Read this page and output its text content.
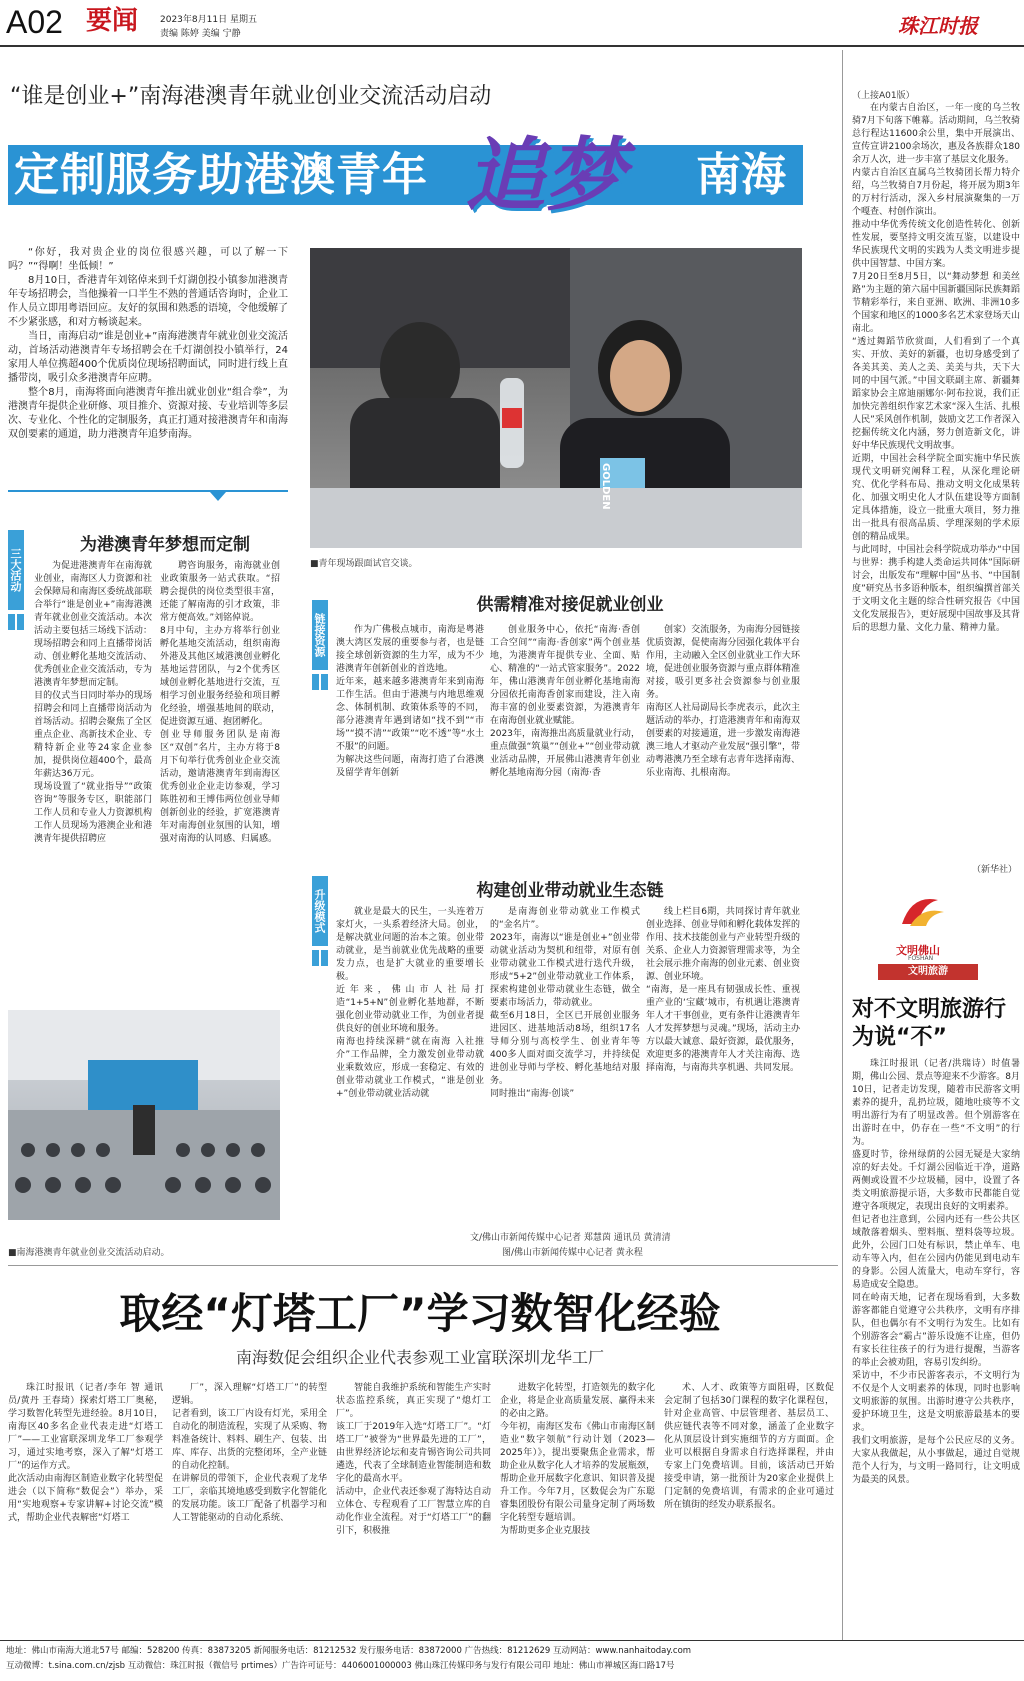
A02 要闻 2023年8月11日 星期五
责编 陈婷 美编 宁静	珠江时报
“谁是创业+”南海港澳青年就业创业交流活动启动
定制服务助港澳青年 追梦 南海

“你好，我对贵企业的岗位很感兴趣，可以了解一下吗？”“得啊！坐低倾！”

8月10日，香港青年刘铭倬来到千灯湖创投小镇参加港澳青年专场招聘会，当他操着一口半生不熟的普通话咨询时，企业工作人员立即用粤语回应。友好的氛围和熟悉的语境，令他缓解了不少紧张感，和对方畅谈起来。

当日，南海启动“谁是创业+”南海港澳青年就业创业交流活动，首场活动港澳青年专场招聘会在千灯湖创投小镇举行，24家用人单位携超400个优质岗位现场招聘面试，同时进行线上直播带岗，吸引众多港澳青年应聘。

整个8月，南海将面向港澳青年推出就业创业“组合拳”，为港澳青年提供企业研修、项目推介、资源对接、专业培训等多层次、专业化、个性化的定制服务，真正打通对接港澳青年和南海双创要素的通道，助力港澳青年追梦南海。

GOLDEN
■青年现场跟面试官交谈。
三大活动
为港澳青年梦想而定制
为促进港澳青年在南海就业创业，南海区人力资源和社会保障局和南海区委统战部联合举行“谁是创业+”南海港澳青年就业创业交流活动。本次活动主要包括三场线下活动：现场招聘会和同上直播带岗活动、创业孵化基地交流活动、优秀创业企业交流活动，专为港澳青年梦想而定制。
目的仪式当日同时举办的现场招聘会和同上直播带岗活动为首场活动。招聘会聚焦了全区重点企业、高新技术企业、专精特新企业等24家企业参加，提供岗位超400个，最高年薪达36万元。
现场设置了“就业指导”“政策咨询”等服务专区，职能部门工作人员和专业人力资源机构工作人员现场为港澳企业和港澳青年提供招聘应
聘咨询服务，南海就业创业政策服务一站式获取。“招聘会提供的岗位类型很丰富，还能了解南海的引才政策，非常方便高效。”刘铭倬说。
8月中旬，主办方将举行创业孵化基地交流活动，组织南海外港及其他区域港澳创业孵化基地运营团队，与2个优秀区域创业孵化基地进行交流，互相学习创业服务经验和项目孵化经验，增强基地间的联动，促进资源互通、抱团孵化。
创业导师服务团队是南海区“双创”名片，主办方将于8月下旬举行优秀创业企业交流活动，邀请港澳青年到南海区优秀创业企业走访参观，学习陈胜初和王博伟两位创业导师创新创业的经验，扩宽港澳青年对南海创业氛围的认知，增强对南海的认同感、归属感。
链接资源
供需精准对接促就业创业
作为广佛极点城市，南海是粤港澳大湾区发展的重要参与者，也是链接全球创新资源的生力军，成为不少港澳青年创新创业的首选地。
近年来，越来越多港澳青年来到南海工作生活。但由于港澳与内地思维观念、体制机制、政策体系等的不同，部分港澳青年遇到诸如“找不到”“市场”“摸不清”“政策”“吃不透”等“水土不服”的问题。
为解决这些问题，南海打造了台港澳及留学青年创新
创业服务中心，依托“南海·香创工合空间”“南海·香创家”两个创业基地，为港澳青年提供专业、全面、贴心、精准的“一站式管家服务”。2022年，佛山港澳青年创业孵化基地南海分园依托南海香创家而建设，注入南海丰富的创业要素资源，为港澳青年在南海创业就业赋能。
2023年，南海推出高质量就业行动，重点做强“筑巢”“创业+”“创业带动就业活动品牌，开展佛山港澳青年创业孵化基地南海分园（南海·香
创家）交流服务，为南海分园链接优质资源，促使南海分园强化载体平台作用，主动融入全区创业就业工作大环境，促进创业服务资源与重点群体精准对接，吸引更多社会资源参与创业服务。
南海区人社局副局长李虎表示，此次主题活动的举办，打造港澳青年和南海双创要素的对接通道，进一步激发南海港澳三地人才驱动产业发展“强引擎”，带动粤港澳乃至全球有志青年选择南海、乐业南海、扎根南海。
升级模式	构建创业带动就业生态链
就业是最大的民生，一头连着万家灯火，一头系着经济大局。创业，是解决就业问题的治本之策。创业带动就业，是当前就业优先战略的重要发力点，也是扩大就业的重要增长极。
近年来，佛山市人社局打造“1+5+N”创业孵化基地群，不断强化创业带动就业工作，为创业者提供良好的创业环境和服务。
南海也持续深耕“就在南海 入社推介”工作品牌，全力激发创业带动就业乘数效应，形成一套稳定、有效的创业带动就业工作模式，“谁是创业+”创业带动就业活动就
是南海创业带动就业工作模式的“金名片”。
2023年，南海以“谁是创业+”创业带动就业活动为契机和纽带，对原有创业带动就业工作模式进行迭代升级，形成“5+2”创业带动就业工作体系，探索构建创业带动就业生态链，做全要素市场活力，带动就业。
截至6月18日，全区已开展创业服务进园区、进基地活动8场，组织17名导师分别与高校学生、创业青年等400多人面对面交流学习，并持续促进创业导师与学校、孵化基地结对服务。
同时推出“南海·创谈”
线上栏目6期，共同探讨青年就业创业选择、创业导师和孵化载体发挥的作用、技术技能创业与产业转型升级的关系、企业人力资源管理需求等，为全社会展示推介南海的创业元素、创业资源、创业环境。
“南海，是一座具有韧强成长性、重视重产业的‘宝藏’城市，有机遇让港澳青年人才干事创业，更有条件让港澳青年人才发挥梦想与灵魂。”现场，活动主办方以最大诚意、最好资源，最优服务，欢迎更多的港澳青年人才关注南海、选择南海，与南海共享机遇、共同发展。
■南海港澳青年就业创业交流活动启动。
文/佛山市新闻传媒中心记者 郑慧茵 通讯员 黄清清
图/佛山市新闻传媒中心记者 黄永程
（上接A01版）
在内蒙古自治区，一年一度的乌兰牧骑7月下旬落下帷幕。活动期间，乌兰牧骑总行程达11600余公里，集中开展演出、宣传宣讲2100余场次，惠及各族群众180余万人次，进一步丰富了基层文化服务。
内蒙古自治区直属乌兰牧骑团长帮力特介绍，乌兰牧骑自7月份起，将开展为期3年的万村行活动，深入乡村展演聚集的一万个嘎查、村创作演出。
推动中华优秀传统文化创造性转化、创新性发展，要坚持文明交流互鉴，以建设中华民族现代文明的实践为人类文明进步提供中国智慧、中国方案。
7月20日至8月5日，以“舞动梦想 和美丝路”为主题的第六届中国新疆国际民族舞蹈节精彩举行，来自亚洲、欧洲、非洲10多个国家和地区的1000多名艺术家登场天山南北。
“透过舞蹈节欣赏面，人们看到了一个真实、开放、美好的新疆，也切身感受到了各美其美、美人之美、美美与共，天下大同的中国气派。”中国文联副主席、新疆舞蹈家协会主席迪丽娜尔·阿布拉说，我们正加快完善组织作家艺术家“深入生活、扎根人民”采风创作机制，鼓励文艺工作者深入挖掘传统文化内涵，努力创造新文化，讲好中华民族现代文明故事。
近期，中国社会科学院全面实施中华民族现代文明研究阐释工程，从深化理论研究、优化学科布局、推动文明文化成果转化、加强文明史化人才队伍建设等方面制定具体措施，设立一批重大项目，努力推出一批具有很高品质、学理深刻的学术原创的精品成果。
与此同时，中国社会科学院成功举办“中国与世界：携手构建人类命运共同体”国际研讨会，出版发布“理解中国”丛书、“中国制度”研究丛书多语种版本，组织编撰首部关于文明文化主题的综合性研究报告《中国文化发展报告》，更好展现中国故事及其背后的思想力量、文化力量、精神力量。
（新华社）
文明佛山
FOSHAN
文明旅游
对不文明旅游行为说“不”
珠江时报讯（记者/洪瑞诗）时值暑期，佛山公园、景点等迎来不少游客。8月10日，记者走访发现，随着市民游客文明素养的提升，乱扔垃圾，随地吐痰等不文明出游行为有了明显改善。但个别游客在出游时在中，仍存在一些“不文明”的行为。
盛夏时节，徐州绿荫的公园无疑是大家纳凉的好去处。千灯湖公园临近干净，道路两侧或设置不少垃圾桶，园中，设置了各类文明旅游提示语，大多数市民都能自觉遵守各项规定，表现出良好的文明素养。
但记者也注意到，公园内还有一些公共区域散落着烟头、塑料瓶、塑料袋等垃圾。此外，公园门口处有标识，禁止单车、电动车等入内，但在公园内仍能见到电动车的身影。公园人流量大，电动车穿行，容易造成安全隐患。
同在岭南天地，记者在现场看到，大多数游客都能自觉遵守公共秩序，文明有序排队，但也偶尔有不文明行为发生。比如有个别游客会“霸占”游乐设施不让座，但仍有家长往往孩子的行为进行提醒，当游客的举止会被劝阻，容易引发纠纷。
采访中，不少市民游客表示，不文明行为不仅是个人文明素养的体现，同时也影响文明旅游的氛围。出游时遵守公共秩序，爱护环境卫生，这是文明旅游最基本的要求。
我们文明旅游，是每个公民应尽的义务。大家从我做起，从小事做起，通过自觉规范个人行为，与文明一路同行，让文明成为最美的风景。
取经“灯塔工厂”学习数智化经验
南海数促会组织企业代表参观工业富联深圳龙华工厂
珠江时报讯（记者/李年 智 通讯员/黄丹 王春琦）探索灯塔工厂奥秘，学习数智化转型先进经验。8月10日，南海区40多名企业代表走进“灯塔工厂”——工业富联深圳龙华工厂参观学习，通过实地考察，深入了解“灯塔工厂”的运作方式。
此次活动由南海区制造业数字化转型促进会（以下简称“数促会”）举办，采用“实地观察+专家讲解+讨论交流”模式，帮助企业代表解密“灯塔工
厂”，深入理解“灯塔工厂”的转型逻辑。
记者看到，该工厂内设有灯光，采用全自动化的制造流程，实现了从采购、物料准备统计、料料、刷生产、包装、出库、库存、出货的完整闭环，全产业链的自动化控制。
在讲解员的带领下，企业代表观了龙华工厂，亲临其境地感受到数字化智能化的发展功能。该工厂配备了机器学习和人工智能驱动的自动化系统、
智能自我维护系统和智能生产实时状态监控系统，真正实现了“熄灯工厂”。
该工厂于2019年入选“灯塔工厂”。“灯塔工厂”被誉为“世界最先进的工厂”，由世界经济论坛和麦肯锡咨询公司共同遴选，代表了全球制造业智能制造和数字化的最高水平。
活动中，企业代表还参观了海特达自动立体仓、专程观看了工厂智慧立库的自动化作业全流程。对于“灯塔工厂”的翻引下，积极推
进数字化转型，打造领先的数字化企业，将是企业高质量发展、赢得未来的必由之路。
今年初，南海区发布《佛山市南海区制造业“数字领航”行动计划（2023—2025年）》，提出要聚焦企业需求，帮助企业从数字化人才培养的发展瓶颈，帮助企业开展数字化意识、知识普及提升工作。今年7月，区数促会为广东聪睿集团股份有限公司量身定制了两场数字化转型专题培训。
为帮助更多企业克服技
术、人才、政策等方面阻碍，区数促会定制了包括30门课程的数字化课程包，针对企业高管、中层管理者、基层员工、供应链代表等不同对象，涵盖了企业数字化从顶层设计到实施细节的方方面面。企业可以根据自身需求自行选择课程，并由专家上门免费培训。目前，该活动已开始接受申请，第一批预计为20家企业提供上门定制的免费培训，有需求的企业可通过所在镇街的经发办联系报名。
地址：佛山市南海大道北57号 邮编：528200 传真：83873205 新闻服务电话：81212532 发行服务电话：83872000 广告热线：81212629 互动网站：www.nanhaitoday.com
互动微博：t.sina.com.cn/zjsb 互动微信：珠江时报（微信号 prtimes）广告许可证号：4406001000003 佛山珠江传媒印务与发行有限公司印 地址：佛山市禅城区海口路17号
